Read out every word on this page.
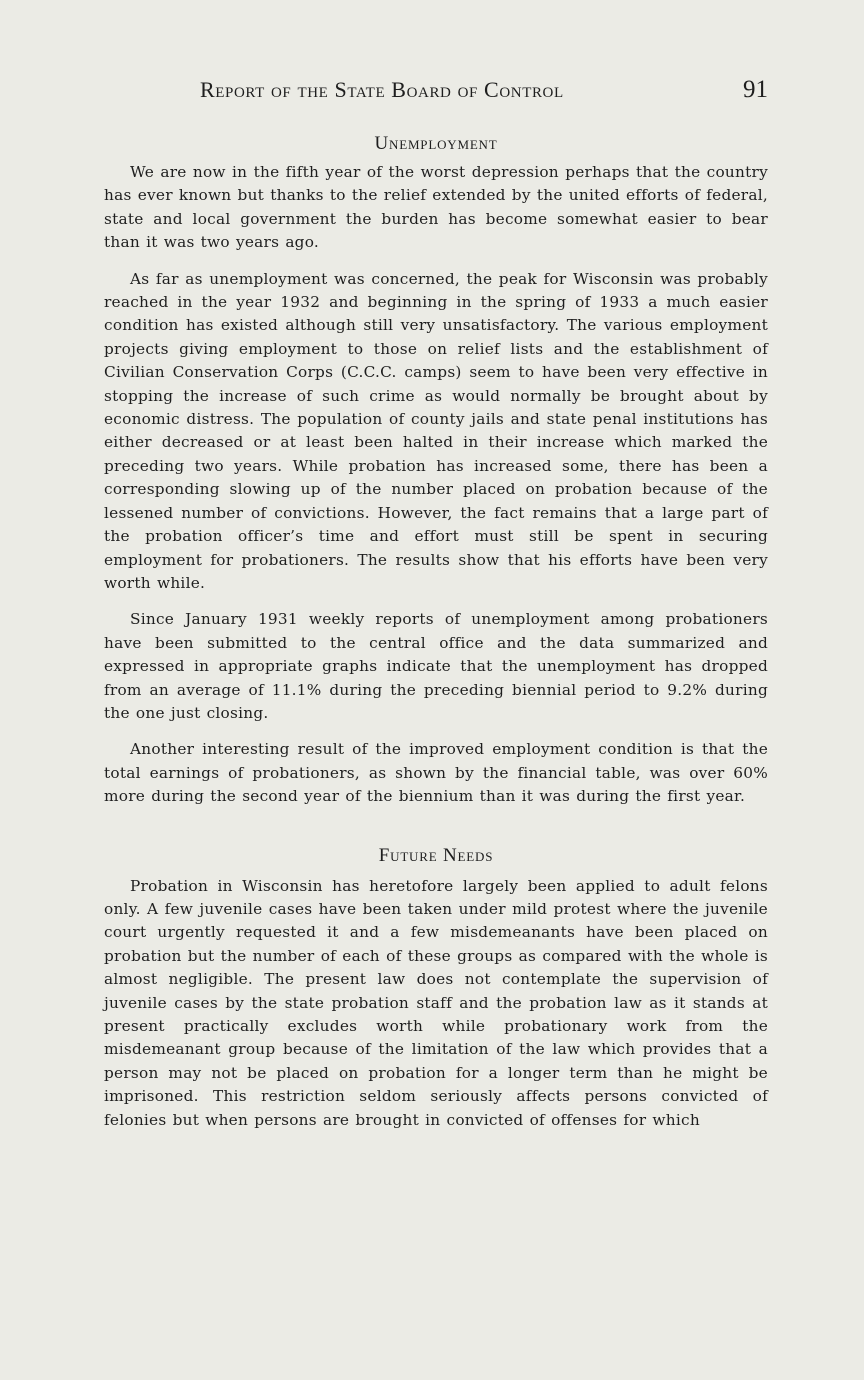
Report of the State Board of Control	91
Unemployment

We are now in the fifth year of the worst depression perhaps that the country has ever known but thanks to the relief extended by the united efforts of federal, state and local government the burden has become somewhat easier to bear than it was two years ago.

As far as unemployment was concerned, the peak for Wisconsin was probably reached in the year 1932 and beginning in the spring of 1933 a much easier condition has existed although still very unsatisfactory. The various employment projects giving employment to those on relief lists and the establishment of Civilian Conservation Corps (C.C.C. camps) seem to have been very effective in stopping the increase of such crime as would normally be brought about by economic distress. The population of county jails and state penal institutions has either decreased or at least been halted in their increase which marked the preceding two years. While probation has increased some, there has been a corresponding slowing up of the number placed on probation because of the lessened number of convictions. However, the fact remains that a large part of the probation officer’s time and effort must still be spent in securing employment for probationers. The results show that his efforts have been very worth while.

Since January 1931 weekly reports of unemployment among probationers have been submitted to the central office and the data summarized and expressed in appropriate graphs indicate that the unemployment has dropped from an average of 11.1% during the preceding biennial period to 9.2% during the one just closing.

Another interesting result of the improved employment condition is that the total earnings of probationers, as shown by the financial table, was over 60% more during the second year of the biennium than it was during the first year.

Future Needs

Probation in Wisconsin has heretofore largely been applied to adult felons only. A few juvenile cases have been taken under mild protest where the juvenile court urgently requested it and a few misdemeanants have been placed on probation but the number of each of these groups as compared with the whole is almost negligible. The present law does not contemplate the supervision of juvenile cases by the state probation staff and the probation law as it stands at present practically excludes worth while probationary work from the misdemeanant group because of the limitation of the law which provides that a person may not be placed on probation for a longer term than he might be imprisoned. This restriction seldom seriously affects persons convicted of felonies but when persons are brought in convicted of offenses for which
